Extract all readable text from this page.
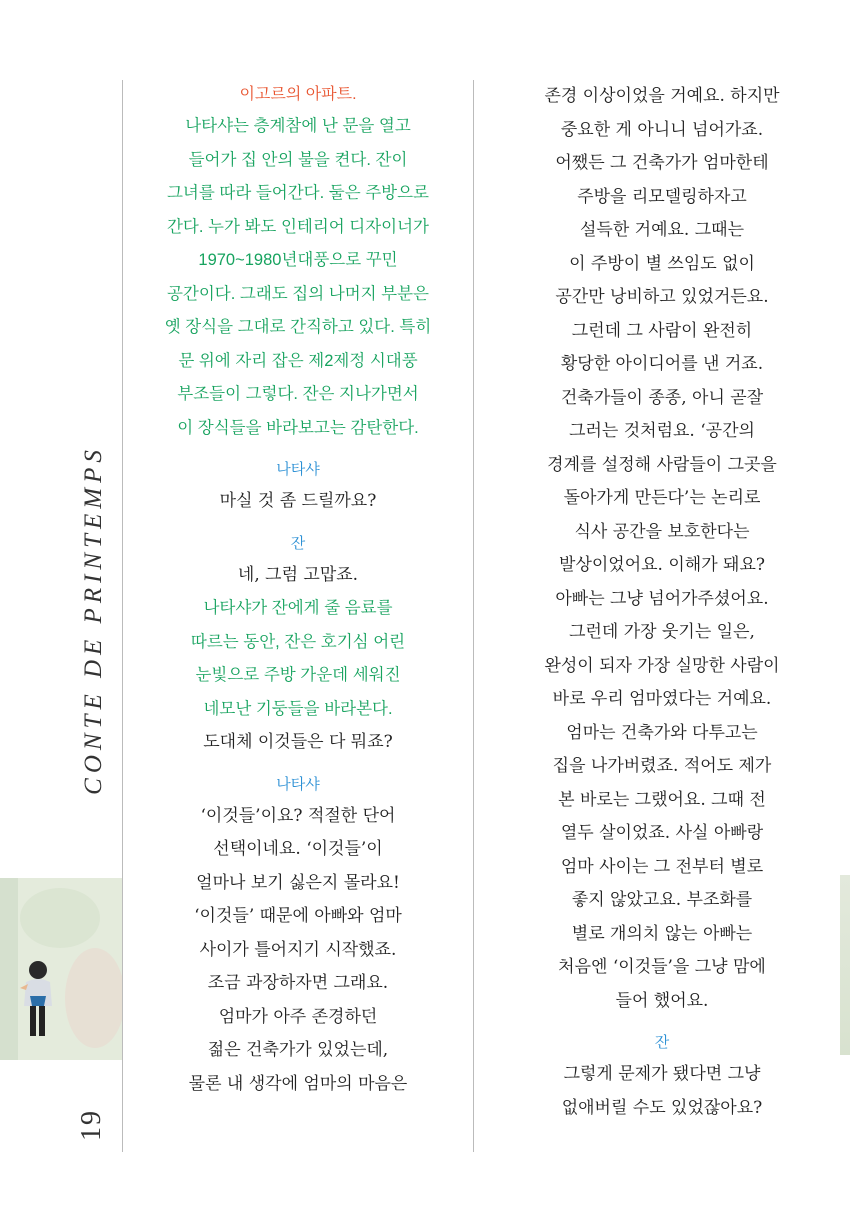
CONTE DE PRINTEMPS
19
이고르의 아파트.
나타샤는 층계참에 난 문을 열고
들어가 집 안의 불을 켠다. 잔이
그녀를 따라 들어간다. 둘은 주방으로
간다. 누가 봐도 인테리어 디자이너가
1970~1980년대풍으로 꾸민
공간이다. 그래도 집의 나머지 부분은
옛 장식을 그대로 간직하고 있다. 특히
문 위에 자리 잡은 제2제정 시대풍
부조들이 그렇다. 잔은 지나가면서
이 장식들을 바라보고는 감탄한다.
나타샤
마실 것 좀 드릴까요?
잔
네, 그럼 고맙죠.
나타샤가 잔에게 줄 음료를
따르는 동안, 잔은 호기심 어린
눈빛으로 주방 가운데 세워진
네모난 기둥들을 바라본다.
도대체 이것들은 다 뭐죠?
나타샤
‘이것들’이요? 적절한 단어
선택이네요. ‘이것들’이
얼마나 보기 싫은지 몰라요!
‘이것들’ 때문에 아빠와 엄마
사이가 틀어지기 시작했죠.
조금 과장하자면 그래요.
엄마가 아주 존경하던
젊은 건축가가 있었는데,
물론 내 생각에 엄마의 마음은
존경 이상이었을 거예요. 하지만
중요한 게 아니니 넘어가죠.
어쨌든 그 건축가가 엄마한테
주방을 리모델링하자고
설득한 거예요. 그때는
이 주방이 별 쓰임도 없이
공간만 낭비하고 있었거든요.
그런데 그 사람이 완전히
황당한 아이디어를 낸 거죠.
건축가들이 종종, 아니 곧잘
그러는 것처럼요. ‘공간의
경계를 설정해 사람들이 그곳을
돌아가게 만든다’는 논리로
식사 공간을 보호한다는
발상이었어요. 이해가 돼요?
아빠는 그냥 넘어가주셨어요.
그런데 가장 웃기는 일은,
완성이 되자 가장 실망한 사람이
바로 우리 엄마였다는 거예요.
엄마는 건축가와 다투고는
집을 나가버렸죠. 적어도 제가
본 바로는 그랬어요. 그때 전
열두 살이었죠. 사실 아빠랑
엄마 사이는 그 전부터 별로
좋지 않았고요. 부조화를
별로 개의치 않는 아빠는
처음엔 ‘이것들’을 그냥 맘에
들어 했어요.
잔
그렇게 문제가 됐다면 그냥
없애버릴 수도 있었잖아요?
